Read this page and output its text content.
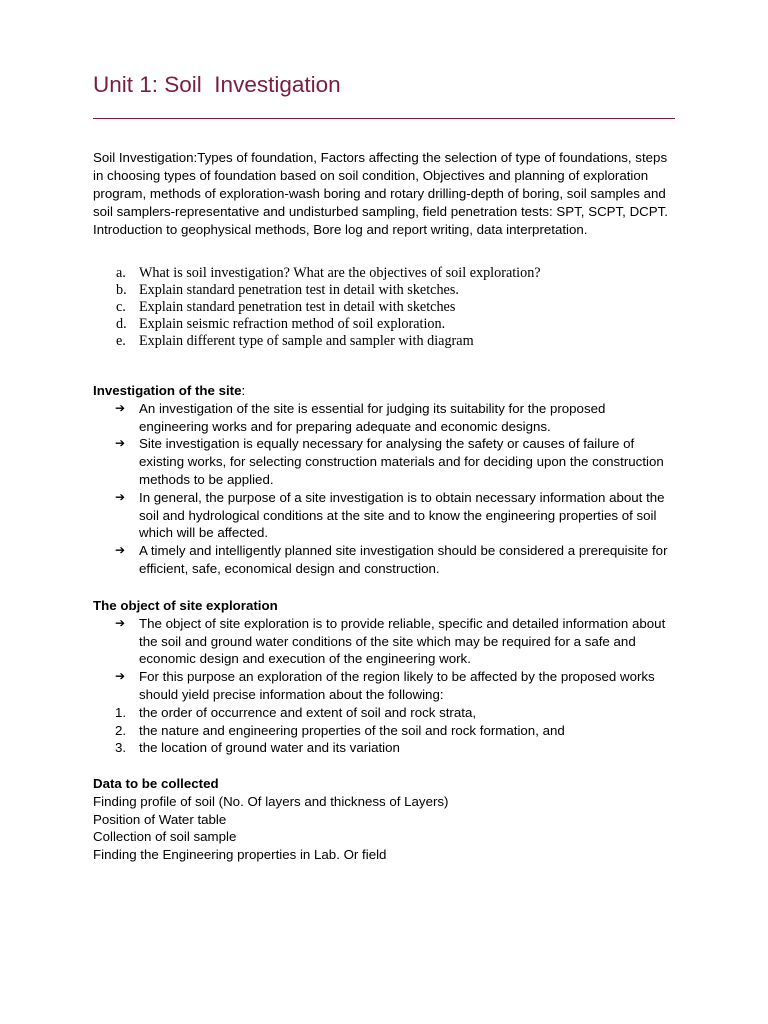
Unit 1: Soil  Investigation

Soil Investigation:Types of foundation, Factors affecting the selection of type of foundations, steps in choosing types of foundation based on soil condition, Objectives and planning of exploration program, methods of exploration-wash boring and rotary drilling-depth of boring, soil samples and soil samplers-representative and undisturbed sampling, field penetration tests: SPT, SCPT, DCPT. Introduction to geophysical methods, Bore log and report writing, data interpretation.

a. What is soil investigation? What are the objectives of soil exploration?
b. Explain standard penetration test in detail with sketches.
c. Explain standard penetration test in detail with sketches
d. Explain seismic refraction method of soil exploration.
e. Explain different type of sample and sampler with diagram

Investigation of the site:

➔ An investigation of the site is essential for judging its suitability for the proposed engineering works and for preparing adequate and economic designs.
➔ Site investigation is equally necessary for analysing the safety or causes of failure of existing works, for selecting construction materials and for deciding upon the construction methods to be applied.
➔ In general, the purpose of a site investigation is to obtain necessary information about the soil and hydrological conditions at the site and to know the engineering properties of soil which will be affected.
➔ A timely and intelligently planned site investigation should be considered a prerequisite for efficient, safe, economical design and construction.

The object of site exploration

➔ The object of site exploration is to provide reliable, specific and detailed information about the soil and ground water conditions of the site which may be required for a safe and economic design and execution of the engineering work.
➔ For this purpose an exploration of the region likely to be affected by the proposed works should yield precise information about the following:
1. the order of occurrence and extent of soil and rock strata,
2. the nature and engineering properties of the soil and rock formation, and
3. the location of ground water and its variation

Data to be collected

Finding profile of soil (No. Of layers and thickness of Layers)

Position of Water table

Collection of soil sample

Finding the Engineering properties in Lab. Or field
